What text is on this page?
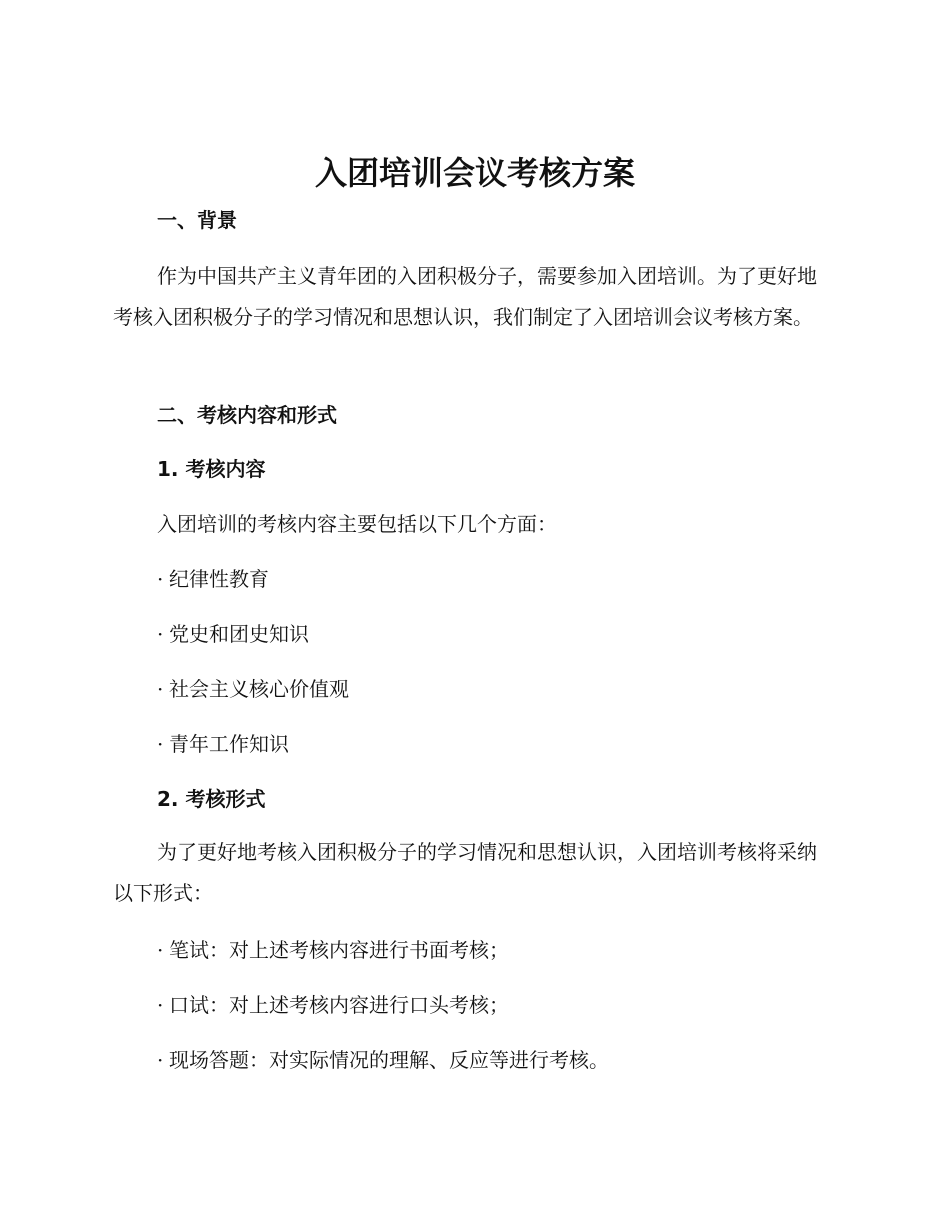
入团培训会议考核方案
一、背景

作为中国共产主义青年团的入团积极分子，需要参加入团培训。为了更好地考核入团积极分子的学习情况和思想认识，我们制定了入团培训会议考核方案。

二、考核内容和形式
1. 考核内容

入团培训的考核内容主要包括以下几个方面：

· 纪律性教育

· 党史和团史知识

· 社会主义核心价值观

· 青年工作知识

2. 考核形式

为了更好地考核入团积极分子的学习情况和思想认识，入团培训考核将采纳以下形式：

· 笔试：对上述考核内容进行书面考核；

· 口试：对上述考核内容进行口头考核；

· 现场答题：对实际情况的理解、反应等进行考核。
